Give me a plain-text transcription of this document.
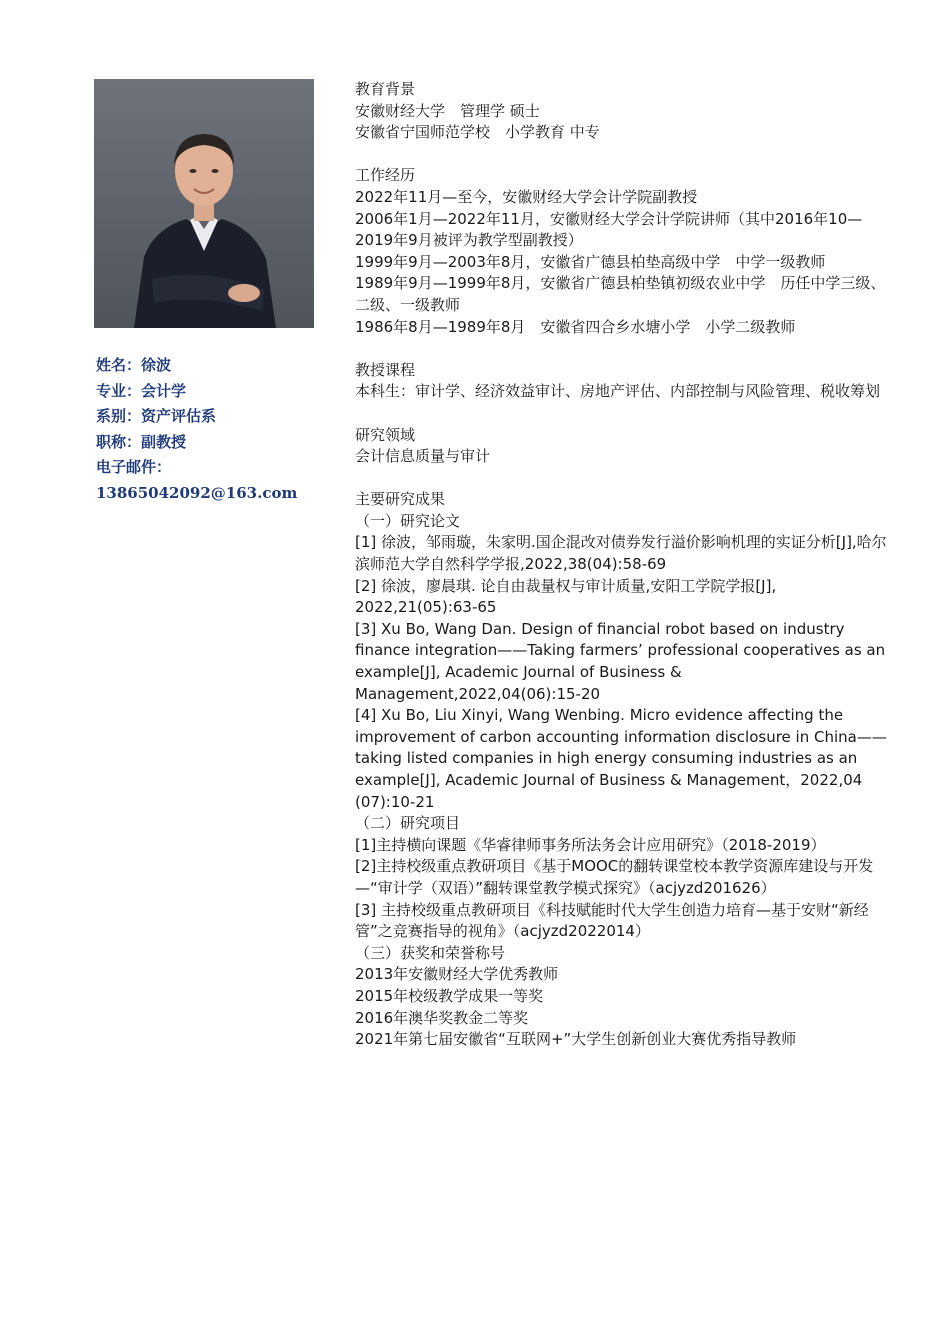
姓名：徐波
专业：会计学
系别：资产评估系
职称：副教授
电子邮件：
13865042092@163.com
教育背景
安徽财经大学　管理学 硕士
安徽省宁国师范学校　小学教育 中专
工作经历
2022年11月—至今，安徽财经大学会计学院副教授
2006年1月—2022年11月，安徽财经大学会计学院讲师（其中2016年10—2019年9月被评为教学型副教授）
1999年9月—2003年8月，安徽省广德县柏垫高级中学　中学一级教师
1989年9月—1999年8月，安徽省广德县柏垫镇初级农业中学　历任中学三级、二级、一级教师
1986年8月—1989年8月　安徽省四合乡水塘小学　小学二级教师
教授课程
本科生：审计学、经济效益审计、房地产评估、内部控制与风险管理、税收筹划
研究领域
会计信息质量与审计
主要研究成果
（一）研究论文
[1] 徐波，邹雨璇，朱家明.国企混改对债券发行溢价影响机理的实证分析[J],哈尔滨师范大学自然科学学报,2022,38(04):58-69
[2] 徐波，廖晨琪. 论自由裁量权与审计质量,安阳工学院学报[J], 2022,21(05):63-65
[3] Xu Bo, Wang Dan. Design of financial robot based on industry finance integration——Taking farmers’ professional cooperatives as an example[J], Academic Journal of Business & Management,2022,04(06):15-20
[4] Xu Bo, Liu Xinyi, Wang Wenbing. Micro evidence affecting the improvement of carbon accounting information disclosure in China——taking listed companies in high energy consuming industries as an example[J], Academic Journal of Business & Management，2022,04 (07):10-21
（二）研究项目
[1]主持横向课题《华睿律师事务所法务会计应用研究》（2018-2019）
[2]主持校级重点教研项目《基于MOOC的翻转课堂校本教学资源库建设与开发—“审计学（双语）”翻转课堂教学模式探究》（acjyzd201626）
[3] 主持校级重点教研项目《科技赋能时代大学生创造力培育—基于安财“新经管”之竞赛指导的视角》（acjyzd2022014）
（三）获奖和荣誉称号
2013年安徽财经大学优秀教师
2015年校级教学成果一等奖
2016年澳华奖教金二等奖
2021年第七届安徽省“互联网+”大学生创新创业大赛优秀指导教师
